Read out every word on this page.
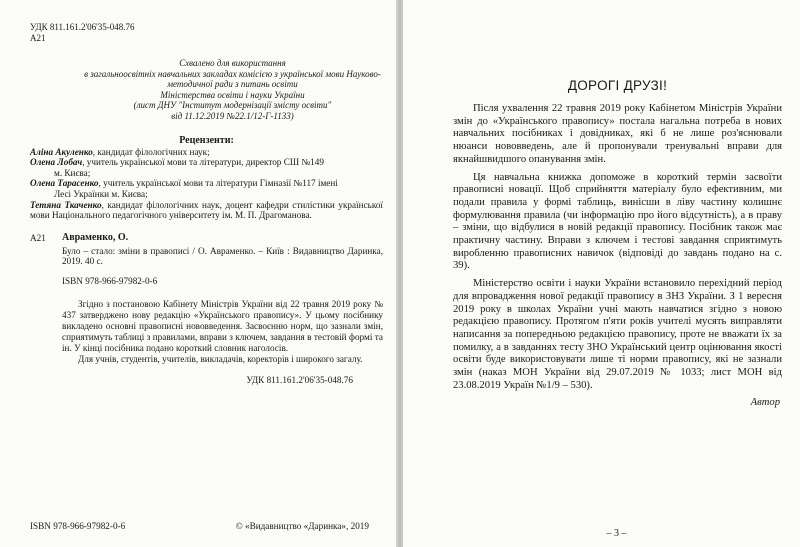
УДК 811.161.2'06'35-048.76
А21
Схвалено для використання
в загальноосвітніх навчальних закладах комісією з української мови Науково-
методичної ради з питань освіти
Міністерства освіти і науки України
(лист ДНУ "Інститут модернізації змісту освіти"
від 11.12.2019 №22.1/12-Г-1133)
Рецензенти:

Аліна Акуленко, кандидат філологічних наук;

Олена Лобач, учитель української мови та літератури, директор СШ №149

м. Києва;

Олена Тарасенко, учитель української мови та літератури Гімназії №117 імені

Лесі Українки м. Києва;

Тетяна Ткаченко, кандидат філологічних наук, доцент кафедри стилістики української мови Національного педагогічного університету ім. М. П. Драгоманова.

А21 Авраменко, О.
Було – стало: зміни в правописі / О. Авраменко. – Київ : Видавництво Даринка, 2019. 40 с.
ISBN 978-966-97982-0-6

Згідно з постановою Кабінету Міністрів України від 22 травня 2019 року № 437 затверджено нову редакцію «Українського правопису». У цьому посібнику викладено основні правописні нововведення. Засвоєнню норм, що зазнали змін, сприятимуть таблиці з правилами, вправи з ключем, завдання в тестовій формі та ін. У кінці посібника подано короткий словник наголосів.

Для учнів, студентів, учителів, викладачів, коректорів і широкого загалу.

УДК 811.161.2'06'35-048.76
ISBN 978-966-97982-0-6	© «Видавництво «Даринка», 2019
ДОРОГІ ДРУЗІ!

Після ухвалення 22 травня 2019 року Кабінетом Міністрів України змін до «Українського правопису» постала нагальна потреба в нових навчальних посібниках і довідниках, які б не лише роз'яснювали нюанси нововведень, але й пропонували тренувальні вправи для якнайшвидшого опанування змін.

Ця навчальна книжка допоможе в короткий термін засвоїти правописні новації. Щоб сприйняття матеріалу було ефективним, ми подали правила у формі таблиць, винісши в ліву частину колишнє формулювання правила (чи інформацію про його відсутність), а в праву – зміни, що відбулися в новій редакції правопису. Посібник також має практичну частину. Вправи з ключем і тестові завдання сприятимуть виробленню правописних навичок (відповіді до завдань подано на с. 39).

Міністерство освіти і науки України встановило перехідний період для впровадження нової редакції правопису в ЗНЗ України. З 1 вересня 2019 року в школах України учні мають навчатися згідно з новою редакцією правопису. Протягом п'яти років учителі мусять виправляти написання за попередньою редакцією правопису, проте не вважати їх за помилку, а в завданнях тесту ЗНО Український центр оцінювання якості освіти буде використовувати лише ті норми правопису, які не зазнали змін (наказ МОН України від 29.07.2019 № 1033; лист МОН від 23.08.2019 Україн №1/9 – 530).

Автор
– 3 –
